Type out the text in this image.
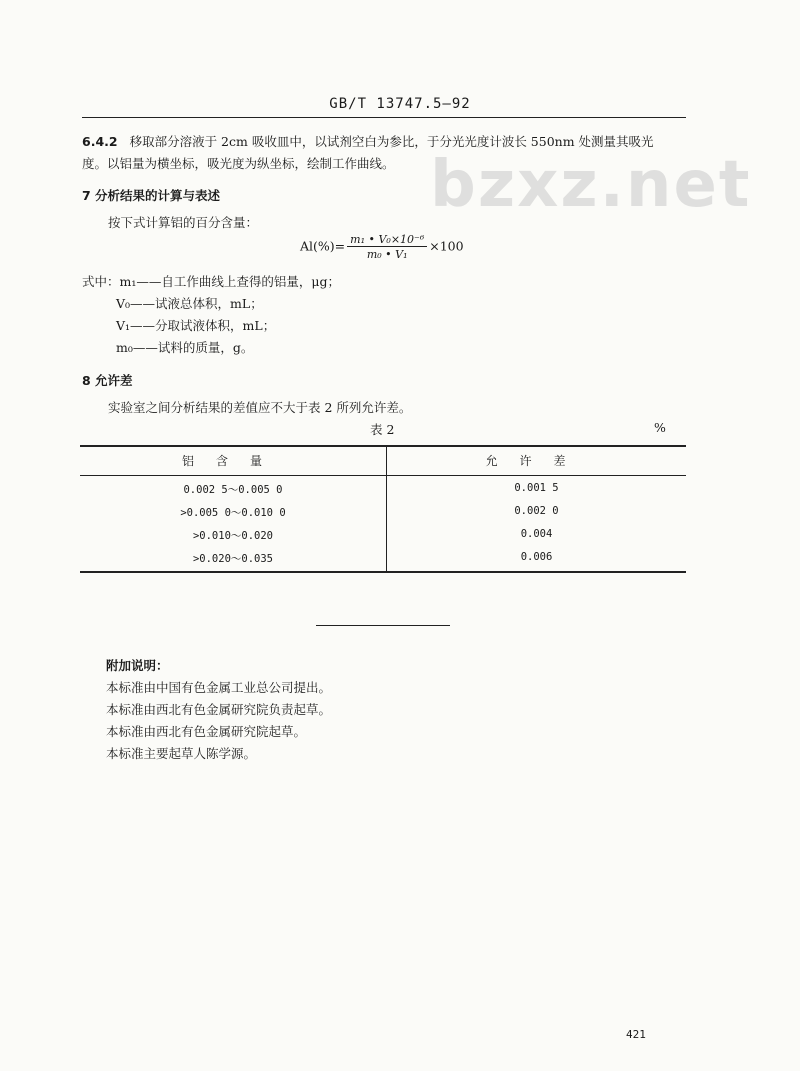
GB/T 13747.5—92
bzxz.net
6.4.2 移取部分溶液于 2cm 吸收皿中，以试剂空白为参比，于分光光度计波长 550nm 处测量其吸光
度。以铝量为横坐标，吸光度为纵坐标，绘制工作曲线。
7 分析结果的计算与表述
按下式计算铝的百分含量：
$Al(\%)= \frac{\text{m₁ • V₀×10⁻⁶}}{\text{m₀ • V₁}} \times 100$
式中：m₁——自工作曲线上查得的铝量，μg；
V₀——试液总体积，mL；
V₁——分取试液体积，mL；
m₀——试料的质量，g。
8 允许差
实验室之间分析结果的差值应不大于表 2 所列允许差。
表 2	%
铝含量	允许差
0.002 5～0.005 0	0.001 5
>0.005 0～0.010 0	0.002 0
>0.010～0.020	0.004
>0.020～0.035	0.006
附加说明：
本标准由中国有色金属工业总公司提出。
本标准由西北有色金属研究院负责起草。
本标准由西北有色金属研究院起草。
本标准主要起草人陈学源。
421
